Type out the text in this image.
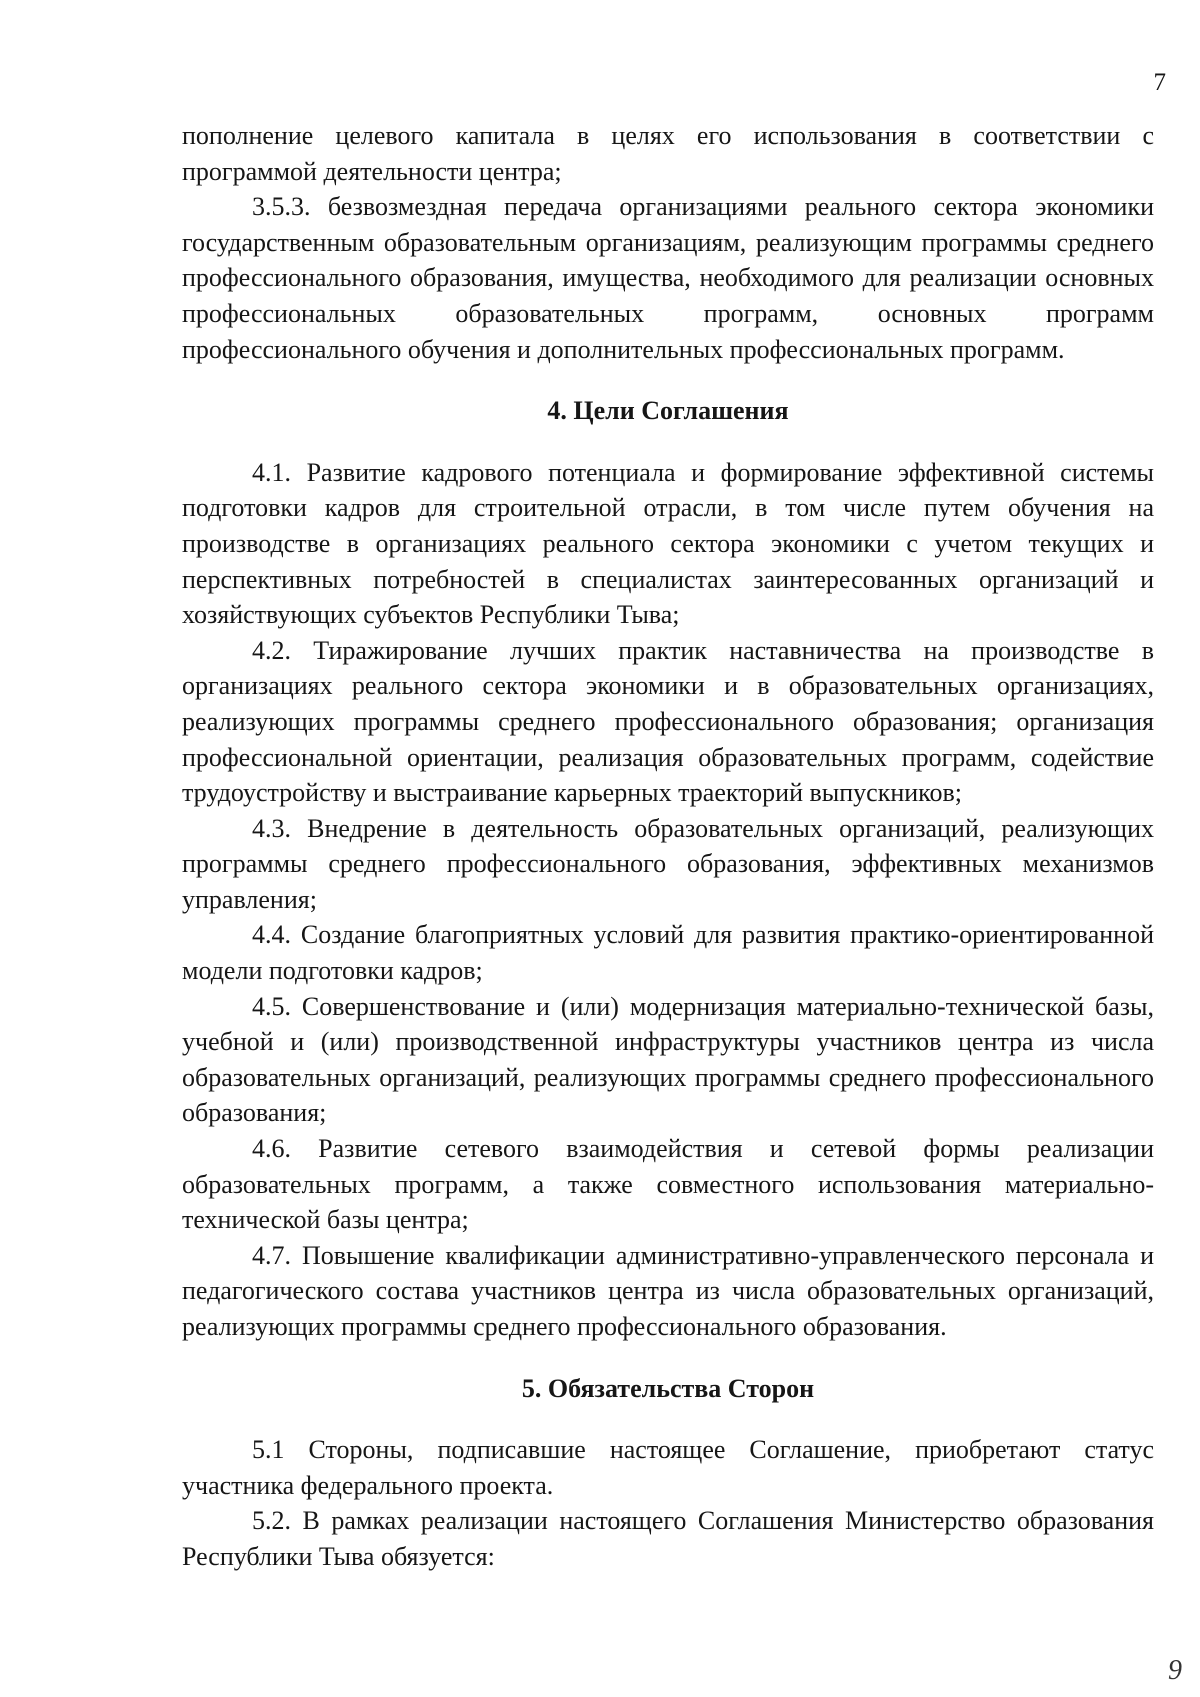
7

пополнение целевого капитала в целях его использования в соответствии с программой деятельности центра;

3.5.3. безвозмездная передача организациями реального сектора экономики государственным образовательным организациям, реализующим программы среднего профессионального образования, имущества, необходимого для реализации основных профессиональных образовательных программ, основных программ профессионального обучения и дополнительных профессиональных программ.

4. Цели Соглашения

4.1. Развитие кадрового потенциала и формирование эффективной системы подготовки кадров для строительной отрасли, в том числе путем обучения на производстве в организациях реального сектора экономики с учетом текущих и перспективных потребностей в специалистах заинтересованных организаций и хозяйствующих субъектов Республики Тыва;

4.2. Тиражирование лучших практик наставничества на производстве в организациях реального сектора экономики и в образовательных организациях, реализующих программы среднего профессионального образования; организация профессиональной ориентации, реализация образовательных программ, содействие трудоустройству и выстраивание карьерных траекторий выпускников;

4.3. Внедрение в деятельность образовательных организаций, реализующих программы среднего профессионального образования, эффективных механизмов управления;

4.4. Создание благоприятных условий для развития практико-ориентированной модели подготовки кадров;

4.5. Совершенствование и (или) модернизация материально-технической базы, учебной и (или) производственной инфраструктуры участников центра из числа образовательных организаций, реализующих программы среднего профессионального образования;

4.6. Развитие сетевого взаимодействия и сетевой формы реализации образовательных программ, а также совместного использования материально-технической базы центра;

4.7. Повышение квалификации административно-управленческого персонала и педагогического состава участников центра из числа образовательных организаций, реализующих программы среднего профессионального образования.

5. Обязательства Сторон

5.1 Стороны, подписавшие настоящее Соглашение, приобретают статус участника федерального проекта.

5.2. В рамках реализации настоящего Соглашения Министерство образования Республики Тыва обязуется:

9
